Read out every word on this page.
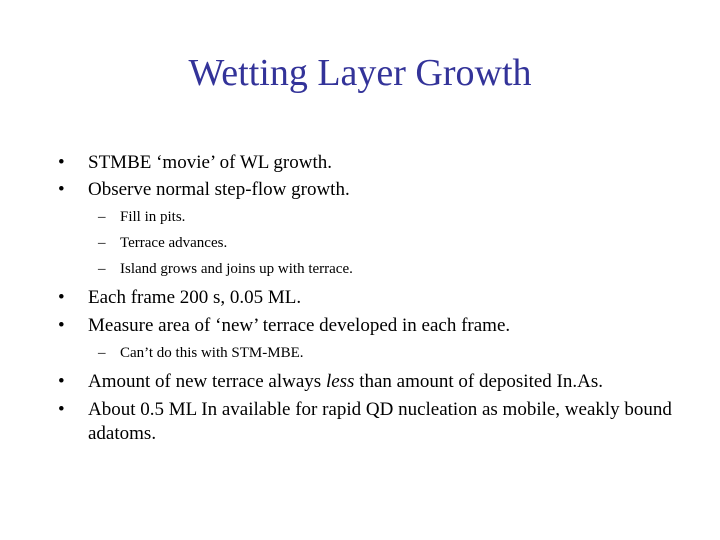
Wetting Layer Growth
• STMBE ‘movie’ of WL growth.
• Observe normal step-flow growth.
– Fill in pits.
– Terrace advances.
– Island grows and joins up with terrace.
• Each frame 200 s, 0.05 ML.
• Measure area of ‘new’ terrace developed in each frame.
– Can’t do this with STM-MBE.
• Amount of new terrace always less than amount of deposited In.As.
• About 0.5 ML In available for rapid QD nucleation as mobile, weakly bound adatoms.
